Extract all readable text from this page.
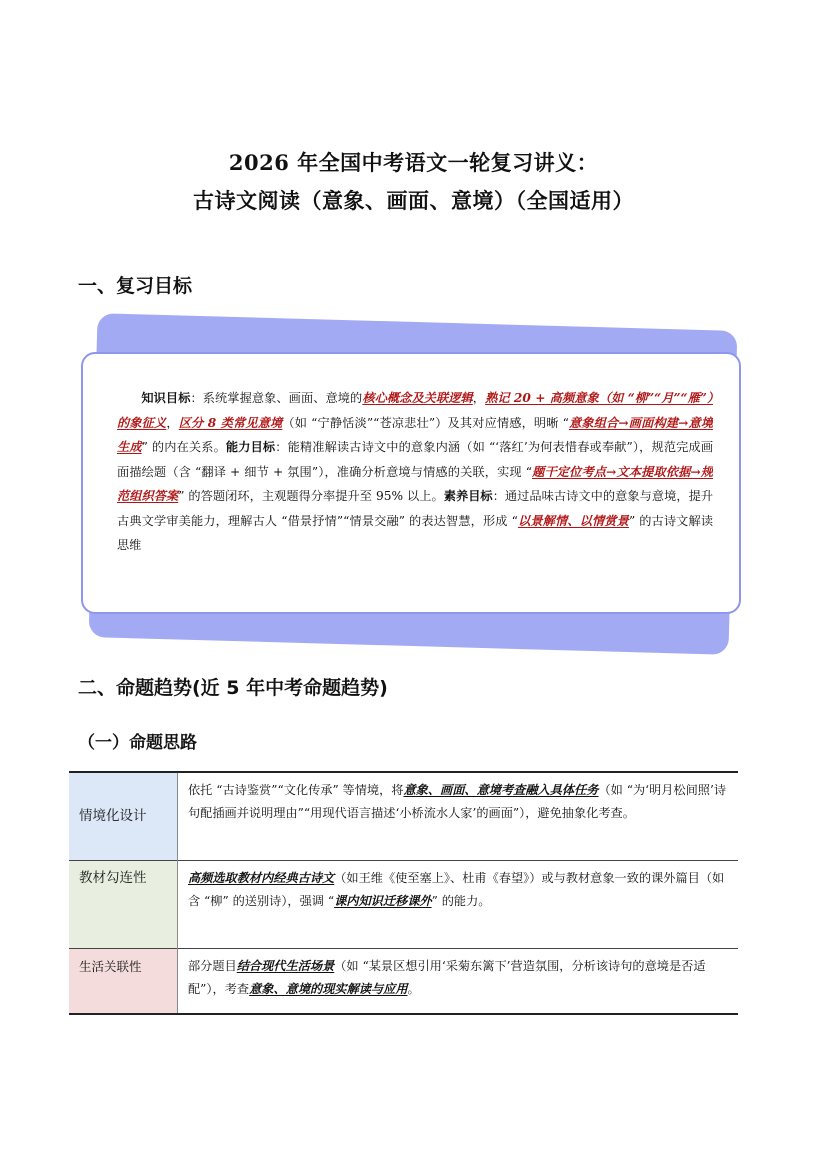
2026 年全国中考语文一轮复习讲义：
古诗文阅读（意象、画面、意境）（全国适用）
一、复习目标
知识目标：系统掌握意象、画面、意境的核心概念及关联逻辑，熟记 20 + 高频意象（如 “柳”“月”“雁”）的象征义，区分 8 类常见意境（如 “宁静恬淡”“苍凉悲壮”）及其对应情感，明晰 “意象组合→画面构建→意境生成” 的内在关系。能力目标：能精准解读古诗文中的意象内涵（如 “‘落红’为何表惜春或奉献”），规范完成画面描绘题（含 “翻译 + 细节 + 氛围”），准确分析意境与情感的关联，实现 “题干定位考点→文本提取依据→规范组织答案” 的答题闭环，主观题得分率提升至 95% 以上。素养目标：通过品味古诗文中的意象与意境，提升古典文学审美能力，理解古人 “借景抒情”“情景交融” 的表达智慧，形成 “以景解情、以情赏景” 的古诗文解读思维
二、命题趋势(近 5 年中考命题趋势)
（一）命题思路
情境化设计	依托 “古诗鉴赏”“文化传承” 等情境，将意象、画面、意境考查融入具体任务（如 “为‘明月松间照’诗句配插画并说明理由”“用现代语言描述‘小桥流水人家’的画面”），避免抽象化考查。
教材勾连性	高频选取教材内经典古诗文（如王维《使至塞上》、杜甫《春望》）或与教材意象一致的课外篇目（如含 “柳” 的送别诗），强调 “课内知识迁移课外” 的能力。
生活关联性	部分题目结合现代生活场景（如 “某景区想引用‘采菊东篱下’营造氛围，分析该诗句的意境是否适配”），考查意象、意境的现实解读与应用。
